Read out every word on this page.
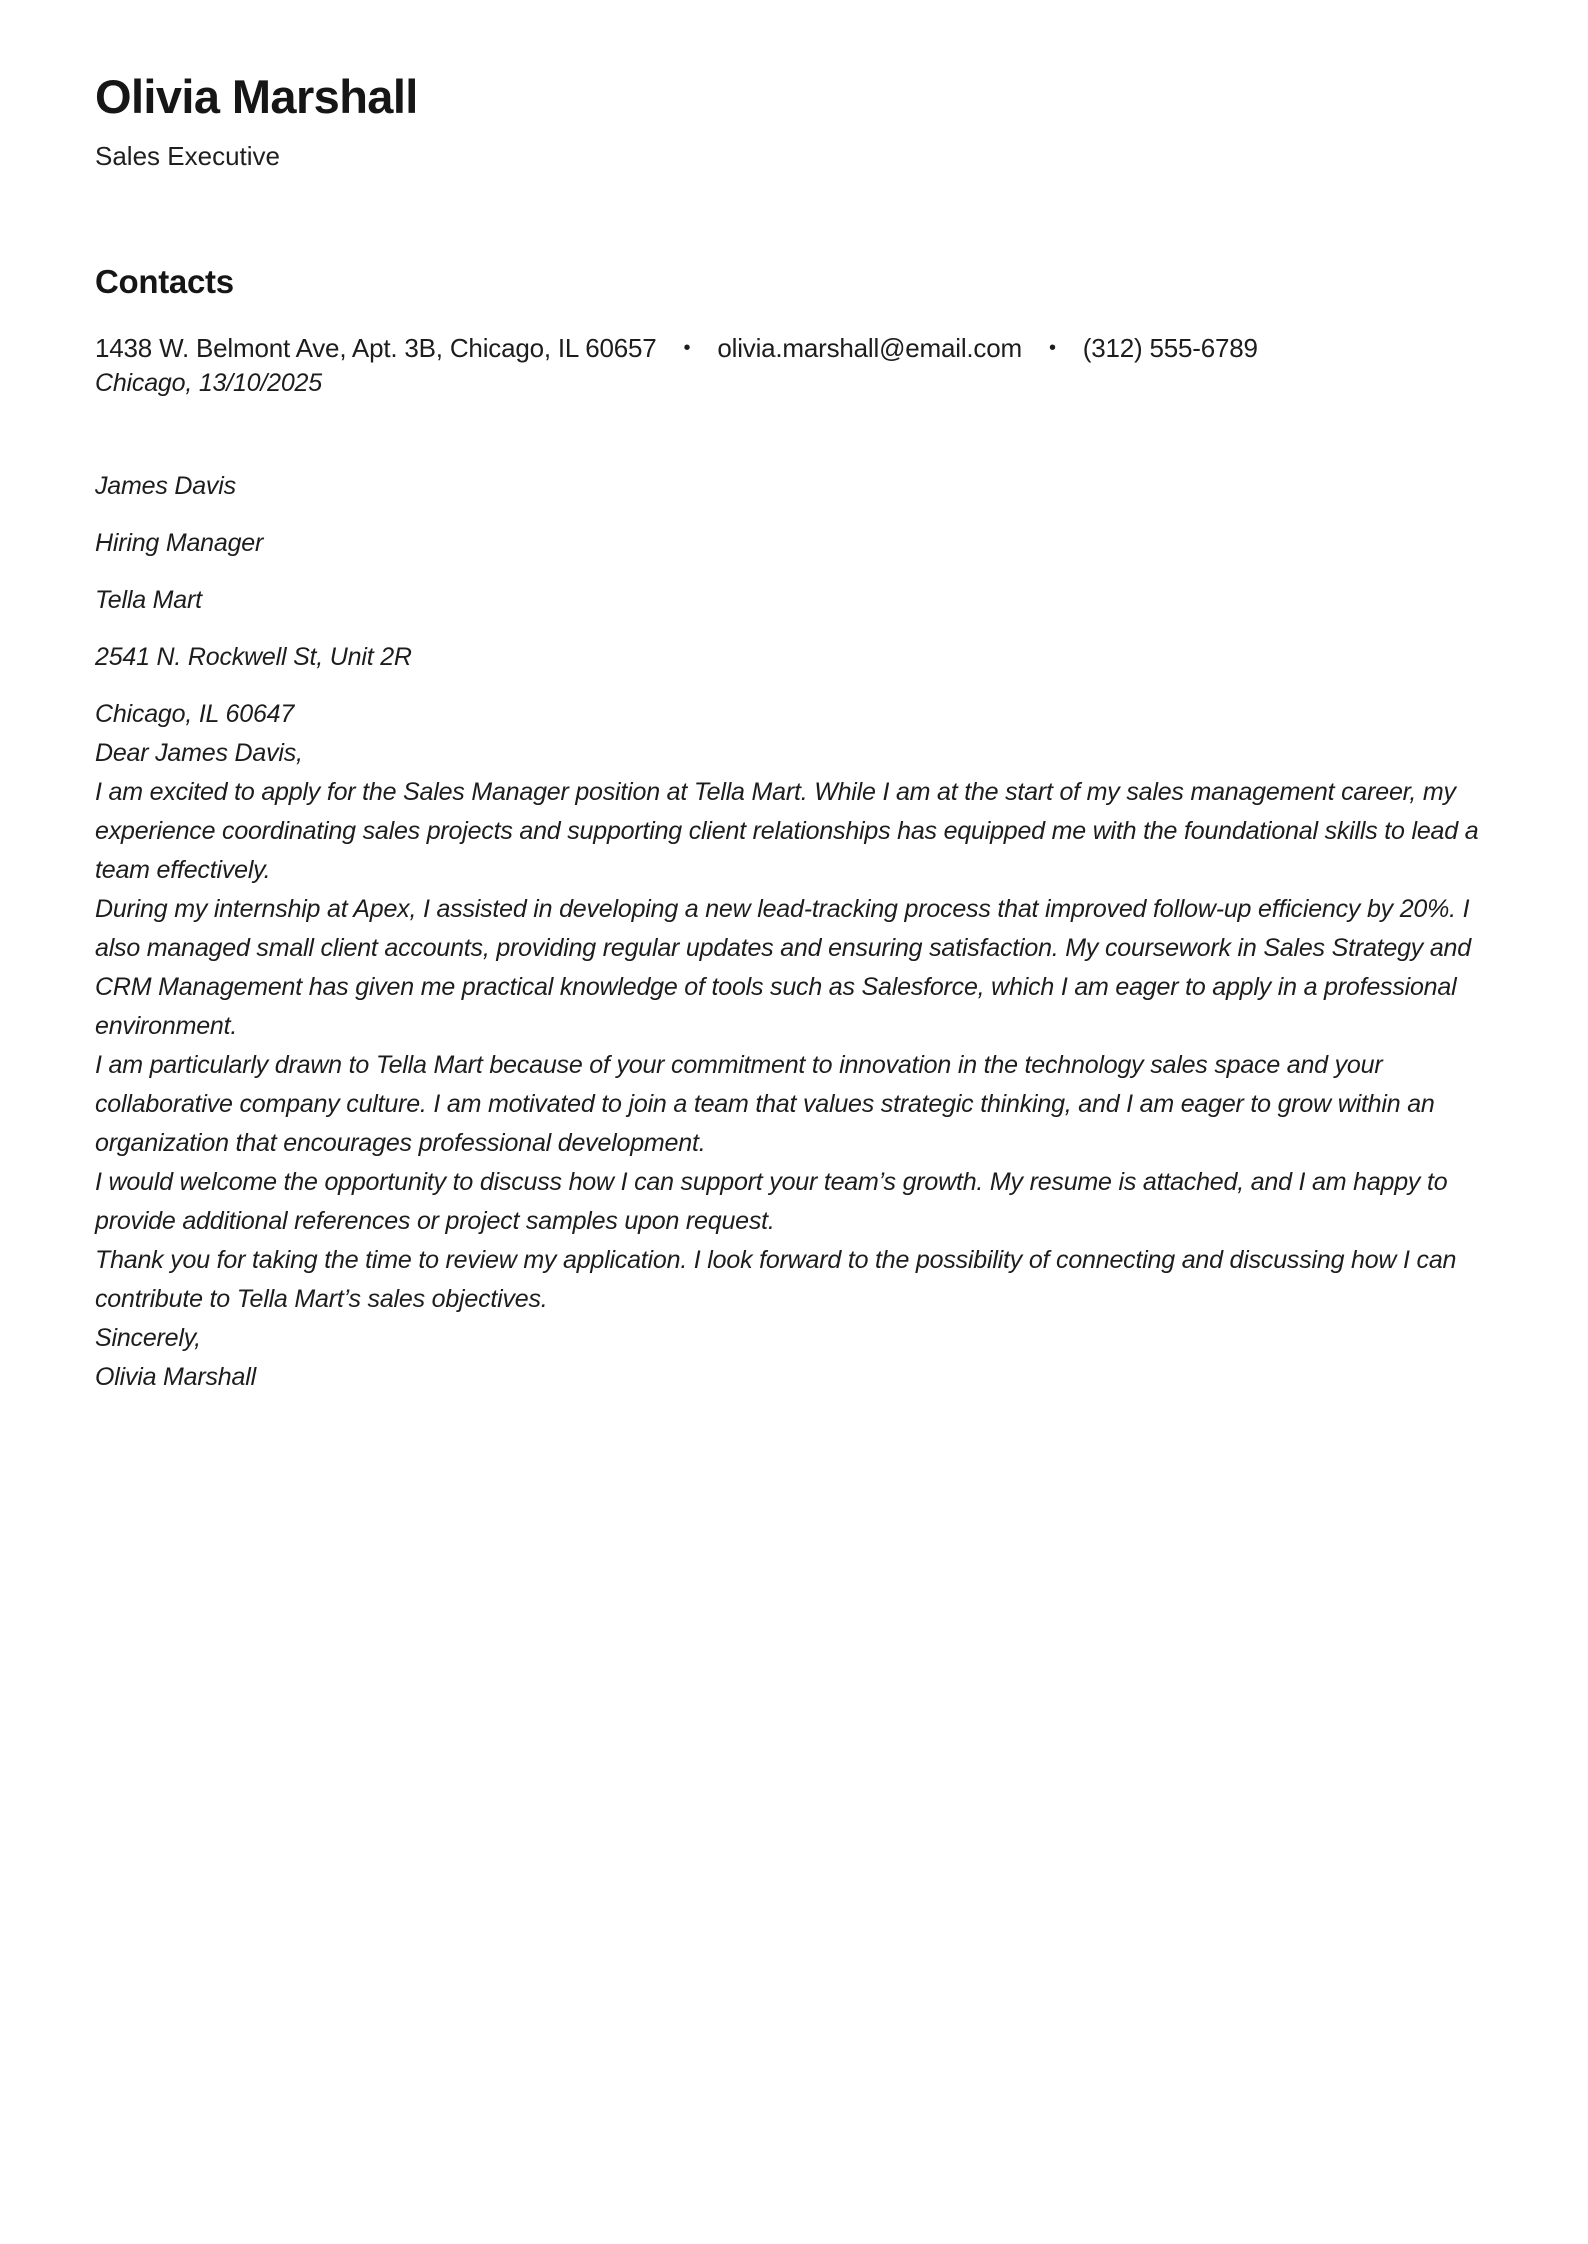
Olivia Marshall
Sales Executive
Contacts
1438 W. Belmont Ave, Apt. 3B, Chicago, IL 60657 • olivia.marshall@email.com • (312) 555-6789

Chicago, 13/10/2025

James Davis

Hiring Manager

Tella Mart

2541 N. Rockwell St, Unit 2R

Chicago, IL 60647

Dear James Davis,

I am excited to apply for the Sales Manager position at Tella Mart. While I am at the start of my sales management career, my experience coordinating sales projects and supporting client relationships has equipped me with the foundational skills to lead a team effectively.

During my internship at Apex, I assisted in developing a new lead-tracking process that improved follow-up efficiency by 20%. I also managed small client accounts, providing regular updates and ensuring satisfaction. My coursework in Sales Strategy and CRM Management has given me practical knowledge of tools such as Salesforce, which I am eager to apply in a professional environment.

I am particularly drawn to Tella Mart because of your commitment to innovation in the technology sales space and your collaborative company culture. I am motivated to join a team that values strategic thinking, and I am eager to grow within an organization that encourages professional development.

I would welcome the opportunity to discuss how I can support your team’s growth. My resume is attached, and I am happy to provide additional references or project samples upon request.

Thank you for taking the time to review my application. I look forward to the possibility of connecting and discussing how I can contribute to Tella Mart’s sales objectives.

Sincerely,

Olivia Marshall
